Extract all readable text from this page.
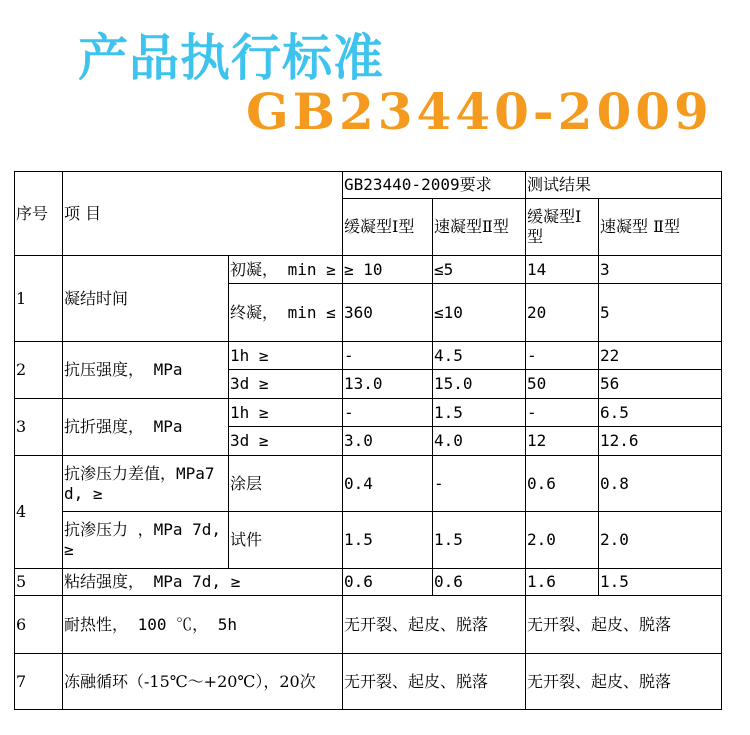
产品执行标准
GB23440-2009
序号	项 目		GB23440-2009要求		测试结果	
			缓凝型Ⅰ型	速凝型Ⅱ型	缓凝型Ⅰ型	速凝型 Ⅱ型
1	凝结时间	初凝， min ≥	≥ 10	≤5	14	3
		终凝， min ≤	360	≤10	20	5
2	抗压强度， MPa	1h ≥	-	4.5	-	22
		3d ≥	13.0	15.0	50	56
3	抗折强度， MPa	1h ≥	-	1.5	-	6.5
		3d ≥	3.0	4.0	12	12.6
4	抗渗压力差值，MPa7d, ≥	涂层	0.4	-	0.6	0.8
	抗渗压力 ，MPa 7d, ≥	试件	1.5	1.5	2.0	2.0
5	粘结强度， MPa 7d, ≥		0.6	0.6	1.6	1.5
6	耐热性， 100 ℃， 5h		无开裂、起皮、脱落		无开裂、起皮、脱落	
7	冻融循环（-15℃～+20℃），20次		无开裂、起皮、脱落		无开裂、起皮、脱落	
